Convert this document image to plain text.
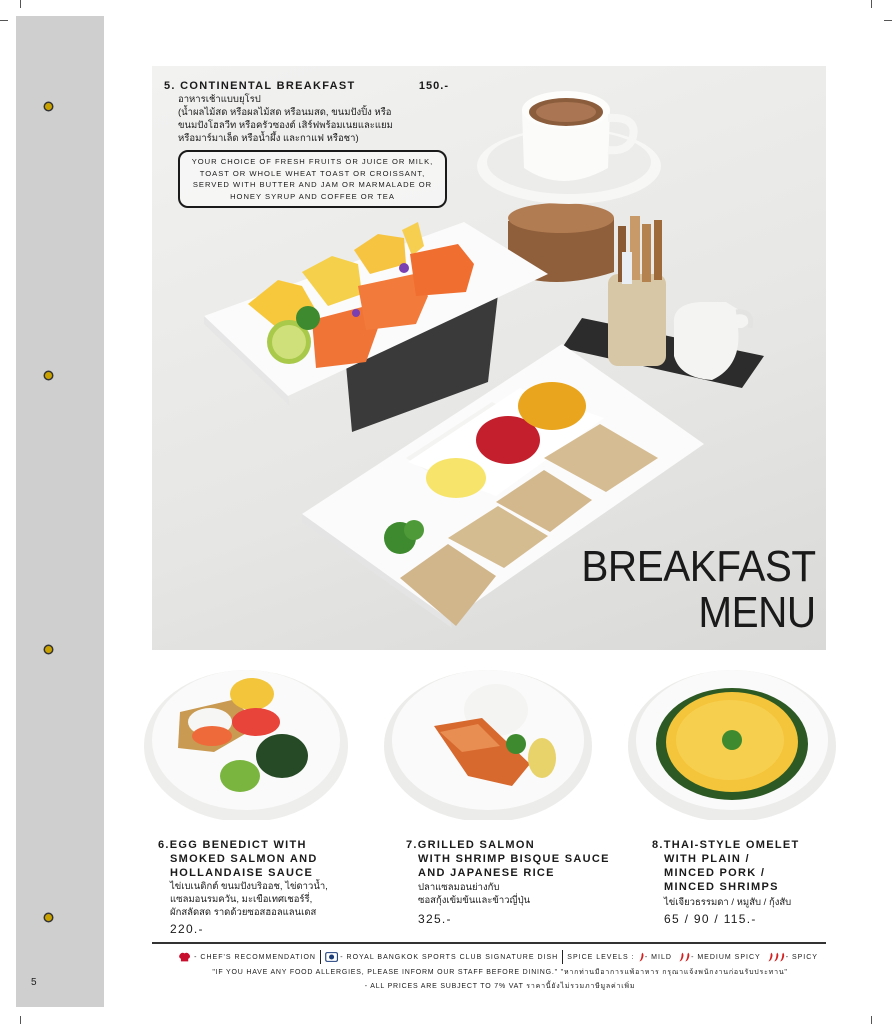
5
5. CONTINENTAL BREAKFAST	150.-
อาหารเช้าแบบยุโรป
(น้ำผลไม้สด หรือผลไม้สด หรือนมสด, ขนมปังปิ้ง หรือ
ขนมปังโฮลวีท หรือครัวซองต์ เสิร์ฟพร้อมเนยและแยม
หรือมาร์มาเล็ด หรือน้ำผึ้ง และกาแฟ หรือชา)
YOUR CHOICE OF FRESH FRUITS OR JUICE OR MILK,
TOAST OR WHOLE WHEAT TOAST OR CROISSANT,
SERVED WITH BUTTER AND JAM OR MARMALADE OR
HONEY SYRUP AND COFFEE OR TEA
BREAKFAST
MENU
6.EGG BENEDICT WITH
SMOKED SALMON AND
HOLLANDAISE SAUCE
ไข่เบเนดิกต์ ขนมปังบริออช, ไข่ดาวน้ำ,
แซลมอนรมควัน, มะเขือเทศเชอร์รี่,
ผักสลัดสด ราดด้วยซอสฮอลแลนเดส
220.-
7.GRILLED SALMON
WITH SHRIMP BISQUE SAUCE
AND JAPANESE RICE
ปลาแซลมอนย่างกับ
ซอสกุ้งเข้มข้นและข้าวญี่ปุ่น
325.-
8.THAI-STYLE OMELET
WITH PLAIN /
MINCED PORK /
MINCED SHRIMPS
ไข่เจียวธรรมดา / หมูสับ / กุ้งสับ
65 / 90 / 115.-
- CHEF'S RECOMMENDATION	- ROYAL BANGKOK SPORTS CLUB SIGNATURE DISH SPICE LEVELS : - MILD	- MEDIUM SPICY	- SPICY
"IF YOU HAVE ANY FOOD ALLERGIES, PLEASE INFORM OUR STAFF BEFORE DINING." "หากท่านมีอาการแพ้อาหาร กรุณาแจ้งพนักงานก่อนรับประทาน"
- ALL PRICES ARE SUBJECT TO 7% VAT ราคานี้ยังไม่รวมภาษีมูลค่าเพิ่ม
